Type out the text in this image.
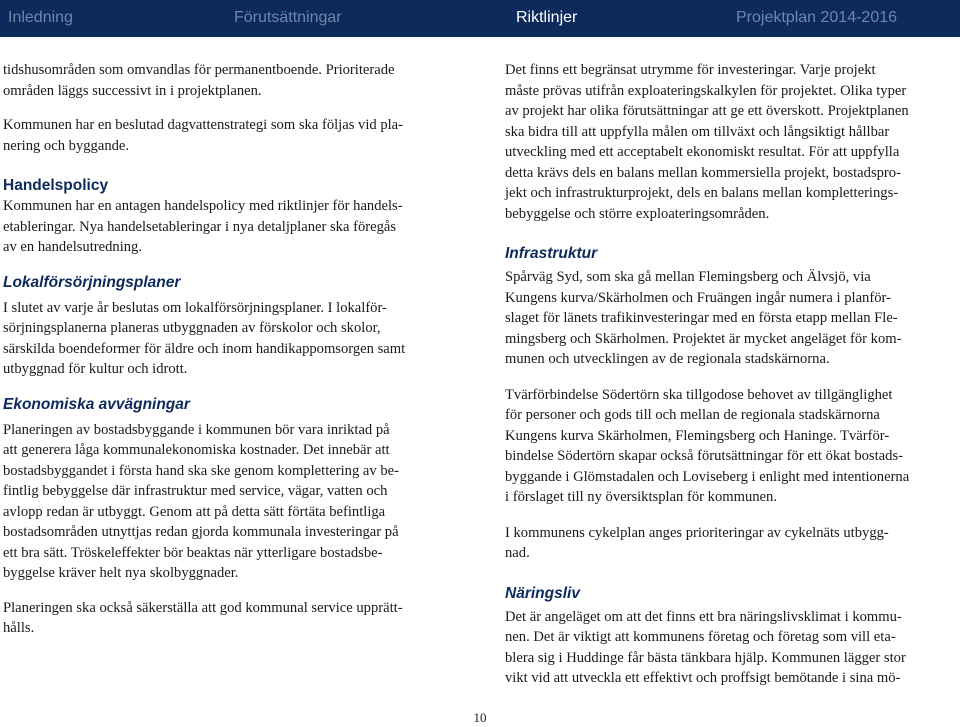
Inledning	Förutsättningar	Riktlinjer	Projektplan 2014-2016

tidshusområden som omvandlas för permanentboende. Prioriterade
områden läggs successivt in i projektplanen.

Kommunen har en beslutad dagvattenstrategi som ska följas vid pla-
nering och byggande.

Handelspolicy

Kommunen har en antagen handelspolicy med riktlinjer för handels-
etableringar. Nya handelsetableringar i nya detaljplaner ska föregås
av en handelsutredning.

Lokalförsörjningsplaner

I slutet av varje år beslutas om lokalförsörjningsplaner. I lokalför-
sörjningsplanerna planeras utbyggnaden av förskolor och skolor,
särskilda boendeformer för äldre och inom handikappomsorgen samt
utbyggnad för kultur och idrott.

Ekonomiska avvägningar

Planeringen av bostadsbyggande i kommunen bör vara inriktad på
att generera låga kommunalekonomiska kostnader. Det innebär att
bostadsbyggandet i första hand ska ske genom komplettering av be-
fintlig bebyggelse där infrastruktur med service, vägar, vatten och
avlopp redan är utbyggt. Genom att på detta sätt förtäta befintliga
bostadsområden utnyttjas redan gjorda kommunala investeringar på
ett bra sätt. Tröskeleffekter bör beaktas när ytterligare bostadsbe-
byggelse kräver helt nya skolbyggnader.

Planeringen ska också säkerställa att god kommunal service upprätt-
hålls.

Det finns ett begränsat utrymme för investeringar. Varje projekt
måste prövas utifrån exploateringskalkylen för projektet. Olika typer
av projekt har olika förutsättningar att ge ett överskott. Projektplanen
ska bidra till att uppfylla målen om tillväxt och långsiktigt hållbar
utveckling med ett acceptabelt ekonomiskt resultat. För att uppfylla
detta krävs dels en balans mellan kommersiella projekt, bostadspro-
jekt och infrastrukturprojekt, dels en balans mellan kompletterings-
bebyggelse och större exploateringsområden.

Infrastruktur

Spårväg Syd, som ska gå mellan Flemingsberg och Älvsjö, via
Kungens kurva/Skärholmen och Fruängen ingår numera i planför-
slaget för länets trafikinvesteringar med en första etapp mellan Fle-
mingsberg och Skärholmen. Projektet är mycket angeläget för kom-
munen och utvecklingen av de regionala stadskärnorna.

Tvärförbindelse Södertörn ska tillgodose behovet av tillgänglighet
för personer och gods till och mellan de regionala stadskärnorna
Kungens kurva Skärholmen, Flemingsberg och Haninge. Tvärför-
bindelse Södertörn skapar också förutsättningar för ett ökat bostads-
byggande i Glömstadalen och Loviseberg i enlight med intentionerna
i förslaget till ny översiktsplan för kommunen.

I kommunens cykelplan anges prioriteringar av cykelnäts utbygg-
nad.

Näringsliv

Det är angeläget om att det finns ett bra näringslivsklimat i kommu-
nen. Det är viktigt att kommunens företag och företag som vill eta-
blera sig i Huddinge får bästa tänkbara hjälp. Kommunen lägger stor
vikt vid att utveckla ett effektivt och proffsigt bemötande i sina mö-

10
